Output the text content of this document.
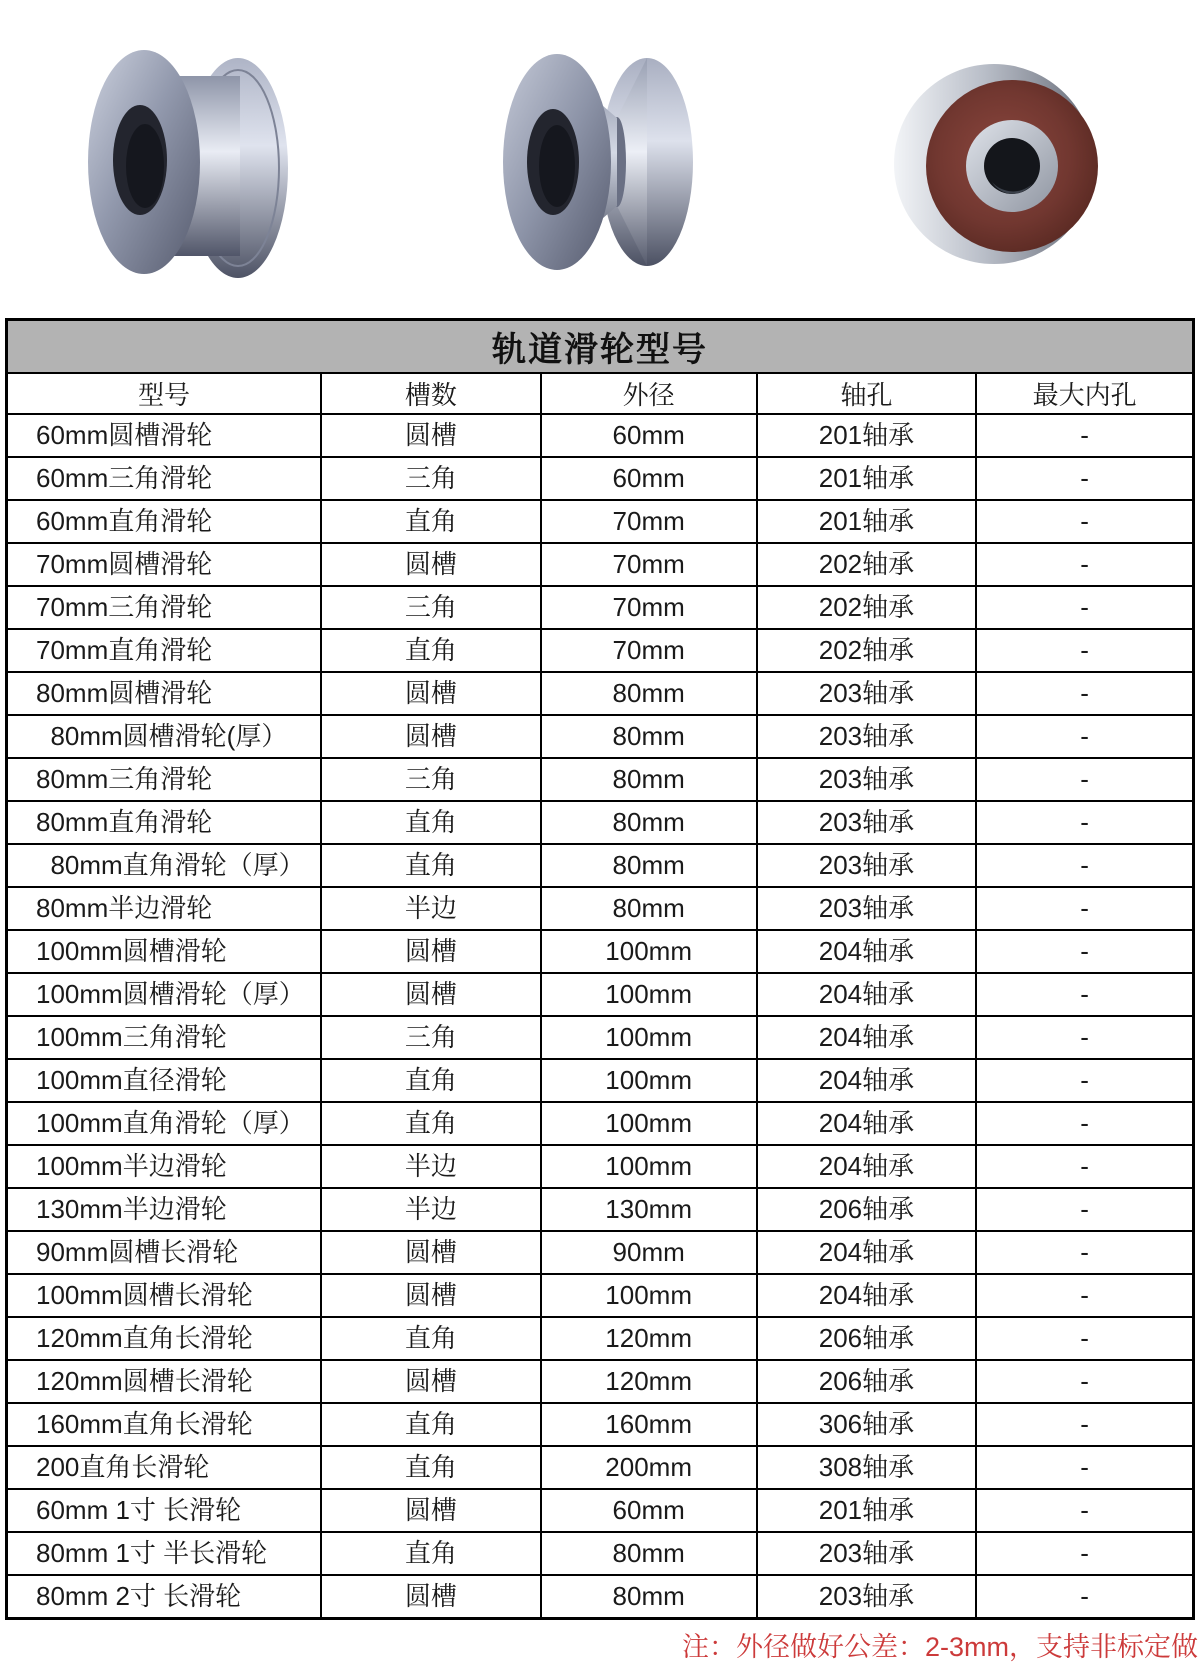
轨道滑轮型号				
型号	槽数	外径	轴孔	最大内孔
60mm圆槽滑轮	圆槽	60mm	201轴承	-
60mm三角滑轮	三角	60mm	201轴承	-
60mm直角滑轮	直角	70mm	201轴承	-
70mm圆槽滑轮	圆槽	70mm	202轴承	-
70mm三角滑轮	三角	70mm	202轴承	-
70mm直角滑轮	直角	70mm	202轴承	-
80mm圆槽滑轮	圆槽	80mm	203轴承	-
80mm圆槽滑轮(厚）	圆槽	80mm	203轴承	-
80mm三角滑轮	三角	80mm	203轴承	-
80mm直角滑轮	直角	80mm	203轴承	-
80mm直角滑轮（厚）	直角	80mm	203轴承	-
80mm半边滑轮	半边	80mm	203轴承	-
100mm圆槽滑轮	圆槽	100mm	204轴承	-
100mm圆槽滑轮（厚）	圆槽	100mm	204轴承	-
100mm三角滑轮	三角	100mm	204轴承	-
100mm直径滑轮	直角	100mm	204轴承	-
100mm直角滑轮（厚）	直角	100mm	204轴承	-
100mm半边滑轮	半边	100mm	204轴承	-
130mm半边滑轮	半边	130mm	206轴承	-
90mm圆槽长滑轮	圆槽	90mm	204轴承	-
100mm圆槽长滑轮	圆槽	100mm	204轴承	-
120mm直角长滑轮	直角	120mm	206轴承	-
120mm圆槽长滑轮	圆槽	120mm	206轴承	-
160mm直角长滑轮	直角	160mm	306轴承	-
200直角长滑轮	直角	200mm	308轴承	-
60mm 1寸 长滑轮	圆槽	60mm	201轴承	-
80mm 1寸 半长滑轮	直角	80mm	203轴承	-
80mm 2寸 长滑轮	圆槽	80mm	203轴承	-
注：外径做好公差：2-3mm，支持非标定做
